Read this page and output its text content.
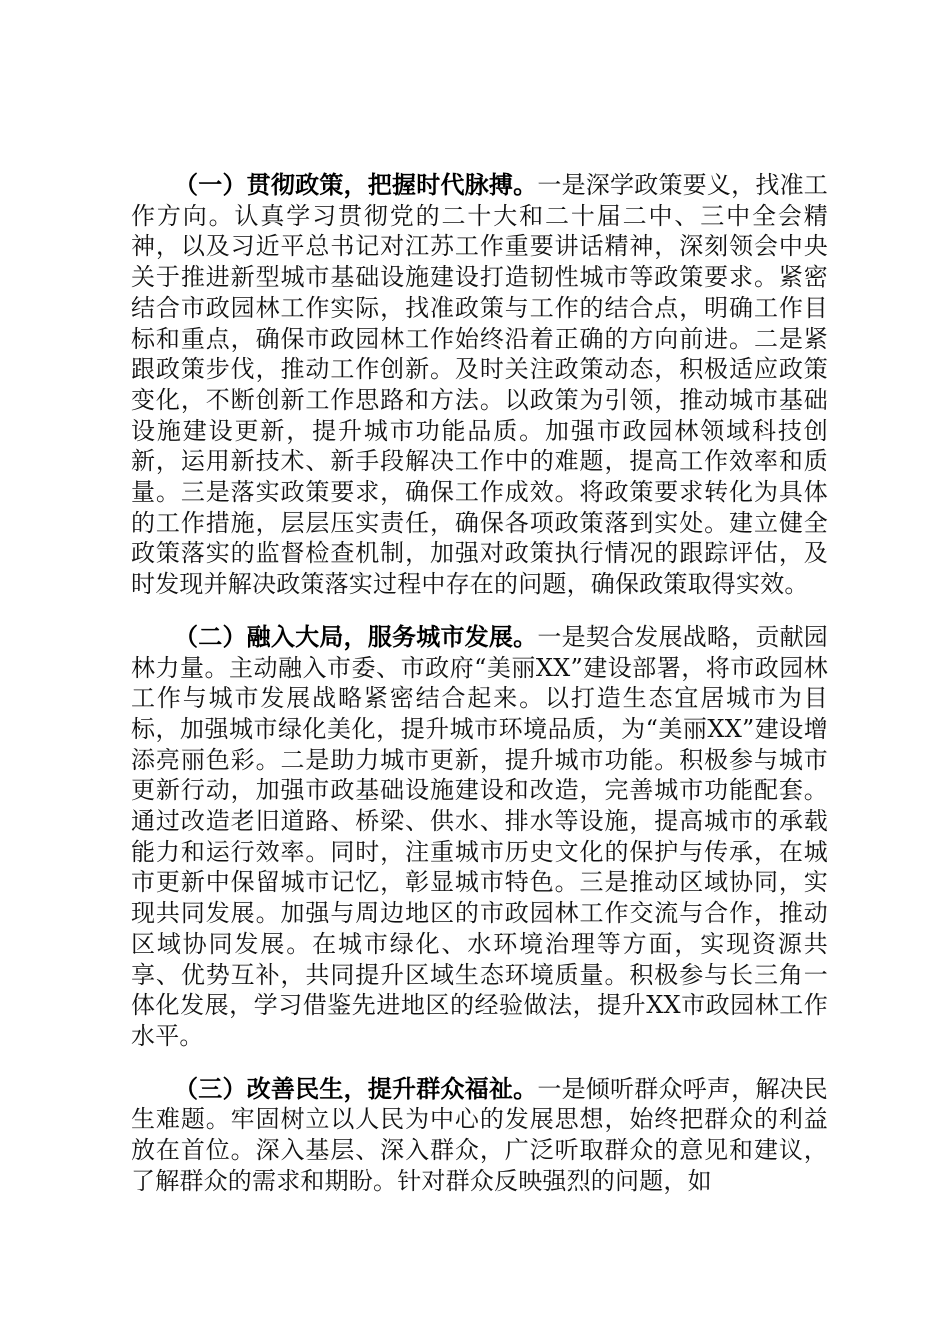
（一）贯彻政策，把握时代脉搏。一是深学政策要义，找准工作方向。认真学习贯彻党的二十大和二十届二中、三中全会精神，以及习近平总书记对江苏工作重要讲话精神，深刻领会中央关于推进新型城市基础设施建设打造韧性城市等政策要求。紧密结合市政园林工作实际，找准政策与工作的结合点，明确工作目标和重点，确保市政园林工作始终沿着正确的方向前进。二是紧跟政策步伐，推动工作创新。及时关注政策动态，积极适应政策变化，不断创新工作思路和方法。以政策为引领，推动城市基础设施建设更新，提升城市功能品质。加强市政园林领域科技创新，运用新技术、新手段解决工作中的难题，提高工作效率和质量。三是落实政策要求，确保工作成效。将政策要求转化为具体的工作措施，层层压实责任，确保各项政策落到实处。建立健全政策落实的监督检查机制，加强对政策执行情况的跟踪评估，及时发现并解决政策落实过程中存在的问题，确保政策取得实效。

（二）融入大局，服务城市发展。一是契合发展战略，贡献园林力量。主动融入市委、市政府“美丽XX”建设部署，将市政园林工作与城市发展战略紧密结合起来。以打造生态宜居城市为目标，加强城市绿化美化，提升城市环境品质，为“美丽XX”建设增添亮丽色彩。二是助力城市更新，提升城市功能。积极参与城市更新行动，加强市政基础设施建设和改造，完善城市功能配套。通过改造老旧道路、桥梁、供水、排水等设施，提高城市的承载能力和运行效率。同时，注重城市历史文化的保护与传承，在城市更新中保留城市记忆，彰显城市特色。三是推动区域协同，实现共同发展。加强与周边地区的市政园林工作交流与合作，推动区域协同发展。在城市绿化、水环境治理等方面，实现资源共享、优势互补，共同提升区域生态环境质量。积极参与长三角一体化发展，学习借鉴先进地区的经验做法，提升XX市政园林工作水平。

（三）改善民生，提升群众福祉。一是倾听群众呼声，解决民生难题。牢固树立以人民为中心的发展思想，始终把群众的利益放在首位。深入基层、深入群众，广泛听取群众的意见和建议，了解群众的需求和期盼。针对群众反映强烈的问题，如
